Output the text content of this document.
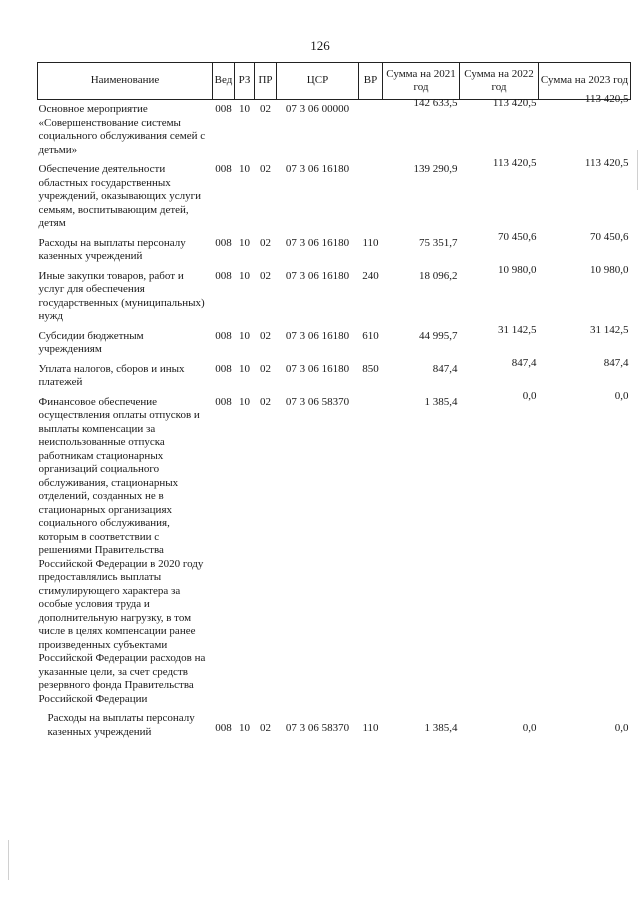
126
Наименование	Вед	РЗ	ПР	ЦСР	ВР	Сумма на 2021 год	Сумма на 2022 год	Сумма на 2023 год
Основное мероприятие «Совершенствование системы социального обслуживания семей с детьми»	008	10	02	07 3 06 00000		142 633,5	113 420,5	113 420,5

Обеспечение деятельности областных государственных учреждений, оказывающих услуги семьям, воспитывающим детей, детям	008	10	02	07 3 06 16180		139 290,9	113 420,5	113 420,5

Расходы на выплаты персоналу казенных учреждений	008	10	02	07 3 06 16180	110	75 351,7	70 450,6	70 450,6

Иные закупки товаров, работ и услуг для обеспечения государственных (муниципальных) нужд	008	10	02	07 3 06 16180	240	18 096,2	10 980,0	10 980,0

Субсидии бюджетным учреждениям	008	10	02	07 3 06 16180	610	44 995,7	31 142,5	31 142,5

Уплата налогов, сборов и иных платежей	008	10	02	07 3 06 16180	850	847,4	847,4	847,4

Финансовое обеспечение осуществления оплаты отпусков и выплаты компенсации за неиспользованные отпуска работникам стационарных организаций социального обслуживания, стационарных отделений, созданных не в стационарных организациях социального обслуживания, которым в соответствии с решениями Правительства Российской Федерации в 2020 году предоставлялись выплаты стимулирующего характера за особые условия труда и дополнительную нагрузку, в том числе в целях компенсации ранее произведенных субъектами Российской Федерации расходов на указанные цели, за счет средств резервного фонда Правительства Российской Федерации	008	10	02	07 3 06 58370		1 385,4	0,0	0,0
Расходы на выплаты персоналу казенных учреждений	008	10	02	07 3 06 58370	110	1 385,4	0,0	0,0
